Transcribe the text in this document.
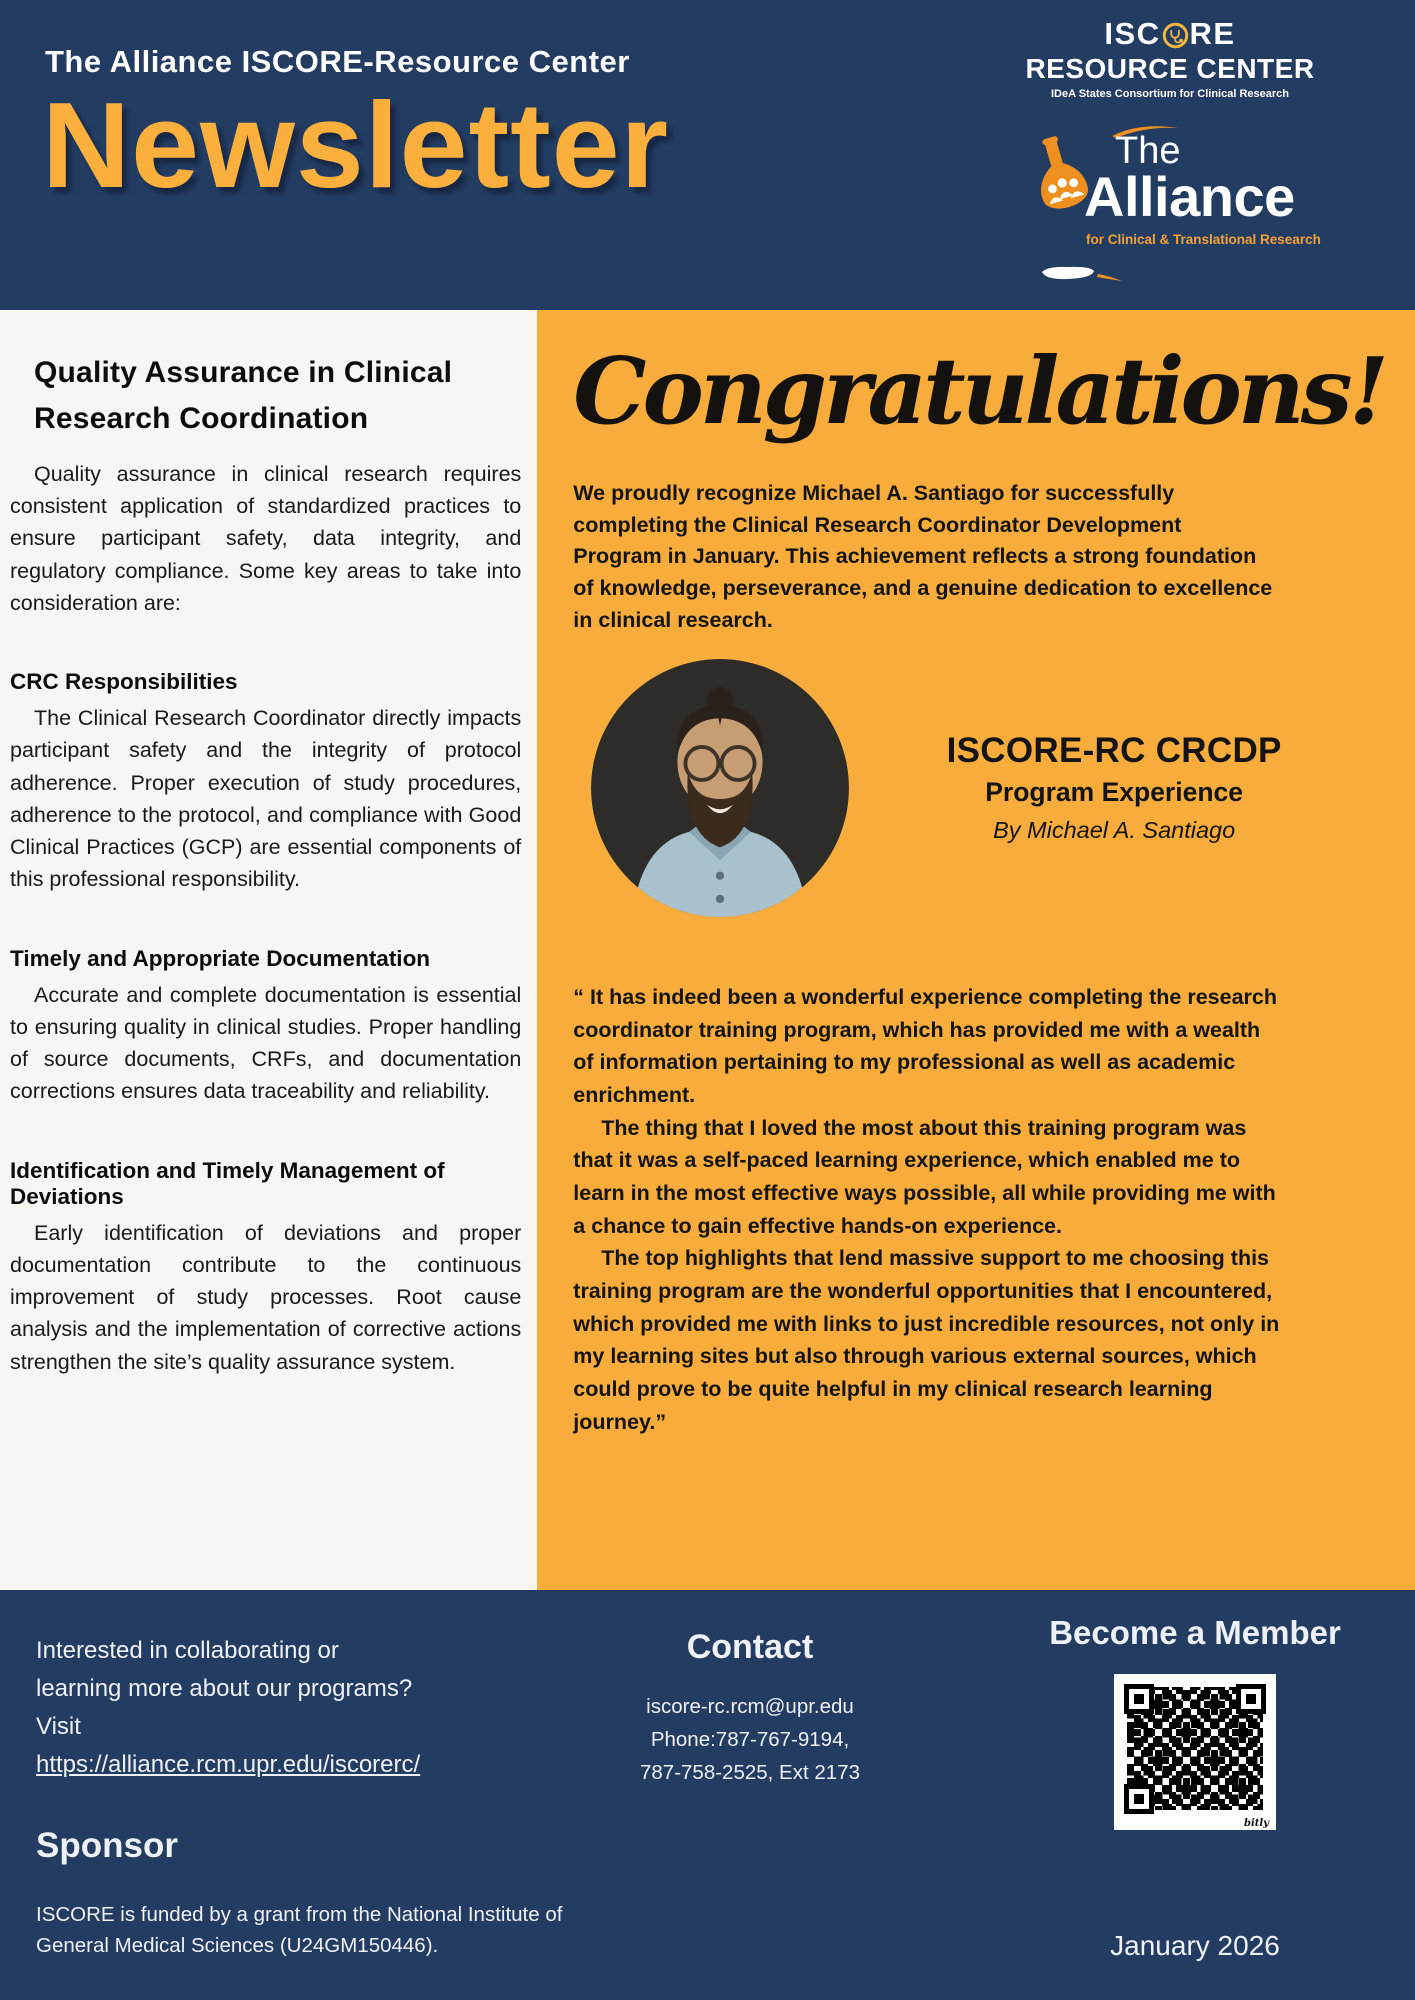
The Alliance ISCORE-Resource Center
Newsletter
ISC RE
RESOURCE CENTER
IDeA States Consortium for Clinical Research
The
Alliance
for Clinical & Translational Research
Quality Assurance in Clinical Research Coordination

Quality assurance in clinical research requires consistent application of standardized practices to ensure participant safety, data integrity, and regulatory compliance. Some key areas to take into consideration are:

CRC Responsibilities

The Clinical Research Coordinator directly impacts participant safety and the integrity of protocol adherence. Proper execution of study procedures, adherence to the protocol, and compliance with Good Clinical Practices (GCP) are essential components of this professional responsibility.

Timely and Appropriate Documentation

Accurate and complete documentation is essential to ensuring quality in clinical studies. Proper handling of source documents, CRFs, and documentation corrections ensures data traceability and reliability.

Identification and Timely Management of Deviations

Early identification of deviations and proper documentation contribute to the continuous improvement of study processes. Root cause analysis and the implementation of corrective actions strengthen the site’s quality assurance system.

Congratulations!

We proudly recognize Michael A. Santiago for successfully completing the Clinical Research Coordinator Development Program in January. This achievement reflects a strong foundation of knowledge, perseverance, and a genuine dedication to excellence in clinical research.

ISCORE-RC CRCDP
Program Experience
By Michael A. Santiago

“ It has indeed been a wonderful experience completing the research coordinator training program, which has provided me with a wealth of information pertaining to my professional as well as academic enrichment.

The thing that I loved the most about this training program was that it was a self-paced learning experience, which enabled me to learn in the most effective ways possible, all while providing me with a chance to gain effective hands-on experience.

The top highlights that lend massive support to me choosing this training program are the wonderful opportunities that I encountered, which provided me with links to just incredible resources, not only in my learning sites but also through various external sources, which could prove to be quite helpful in my clinical research learning journey.”

Interested in collaborating or learning more about our programs? Visit https://alliance.rcm.upr.edu/iscorerc/
Sponsor
ISCORE is funded by a grant from the National Institute of General Medical Sciences (U24GM150446).
Contact
iscore-rc.rcm@upr.edu
Phone:787-767-9194,
787-758-2525, Ext 2173
Become a Member
bitly
January 2026
